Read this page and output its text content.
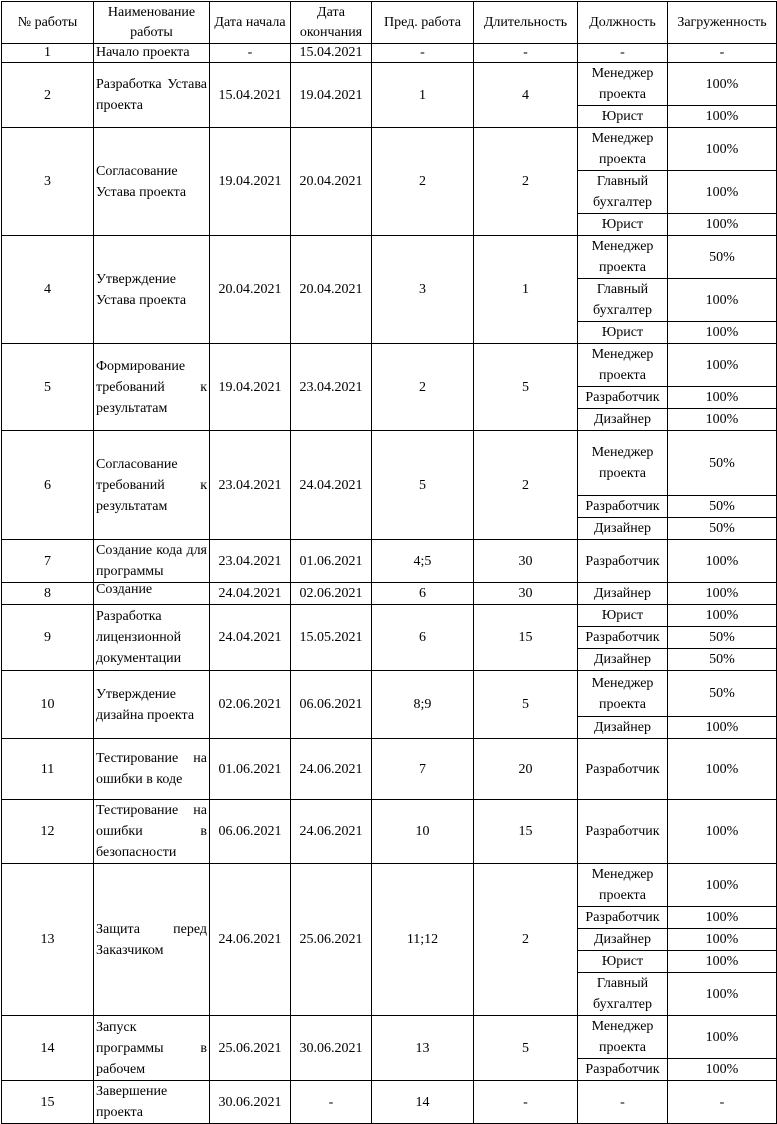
№ работы	Наименование работы	Дата начала	Дата окончания	Пред. работа	Длительность	Должность	Загруженность
1	Начало проекта	-	15.04.2021	-	-	-	-
2	Разработка Устава проекта	15.04.2021	19.04.2021	1	4	Менеджер проекта	100%
						Юрист	100%
3	Согласование Устава проекта	19.04.2021	20.04.2021	2	2	Менеджер проекта	100%
						Главный бухгалтер	100%
						Юрист	100%
4	Утверждение Устава проекта	20.04.2021	20.04.2021	3	1	Менеджер проекта	50%
						Главный бухгалтер	100%
						Юрист	100%
5	Формирование требований к результатам	19.04.2021	23.04.2021	2	5	Менеджер проекта	100%
						Разработчик	100%
						Дизайнер	100%
6	Согласование требований к результатам	23.04.2021	24.04.2021	5	2	Менеджер проекта	50%
						Разработчик	50%
						Дизайнер	50%
7	Создание кода для программы	23.04.2021	01.06.2021	4;5	30	Разработчик	100%
8	Создание	24.04.2021	02.06.2021	6	30	Дизайнер	100%
9	Разработка лицензионной документации	24.04.2021	15.05.2021	6	15	Юрист	100%
						Разработчик	50%
						Дизайнер	50%
10	Утверждение дизайна проекта	02.06.2021	06.06.2021	8;9	5	Менеджер проекта	50%
						Дизайнер	100%
11	Тестирование на ошибки в коде	01.06.2021	24.06.2021	7	20	Разработчик	100%
12	Тестирование на ошибки в безопасности	06.06.2021	24.06.2021	10	15	Разработчик	100%
13	Защита перед Заказчиком	24.06.2021	25.06.2021	11;12	2	Менеджер проекта	100%
						Разработчик	100%
						Дизайнер	100%
						Юрист	100%
						Главный бухгалтер	100%
14	Запуск программы в рабочем	25.06.2021	30.06.2021	13	5	Менеджер проекта	100%
						Разработчик	100%
15	Завершение проекта	30.06.2021	-	14	-	-	-
